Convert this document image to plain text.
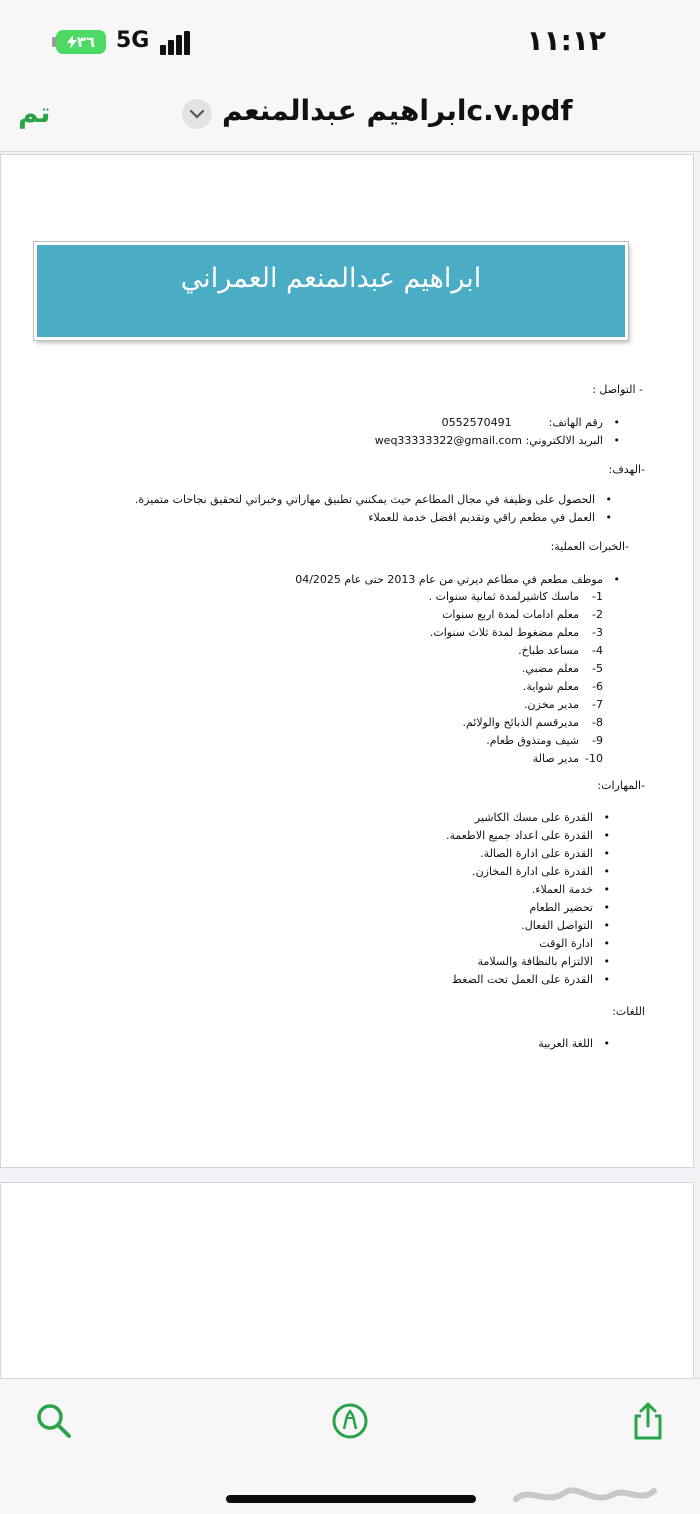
٣٦ 5G	١١:١٢
تم	ابراهيم عبدالمنعمc.v.pdf
ابراهيم عبدالمنعم العمراني
- التواصل :
• رقم الهاتف:  0552570491
• البريد الالكتروني: weq33333322@gmail.com
-الهدف:
• الحصول على وظيفة في مجال المطاعم حيث يمكنني تطبيق مهاراتي وخبراتي لتحقيق نجاحات متميزة.
• العمل في مطعم راقي وتقديم افضل خدمة للعملاء
-الخبرات العملية:
• موظف مطعم في مطاعم ديرتي من عام 2013 حتى عام 04/2025
1-ماسك كاشيرلمدة ثمانية سنوات .
2-معلم ادامات لمدة اربع سنوات
3-معلم مضغوط لمدة ثلاث سنوات.
4-مساعد طباخ.
5-معلم مضبي.
6-معلم شواية.
7-مدير مخزن.
8-مديرقسم الذبائح والولائم.
9-شيف ومتذوق طعام.
10-مدير صالة
-المهارات:
• القدرة على مسك الكاشير
• القدرة على اعداد جميع الاطعمة.
• القدرة على ادارة الصالة.
• القدرة على ادارة المخازن.
• خدمة العملاء.
• تحضير الطعام
• التواصل الفعال.
• ادارة الوقت
• الالتزام بالنظافة والسلامة
• القدرة على العمل تحت الضغط
اللغات:
• اللغة العربية
